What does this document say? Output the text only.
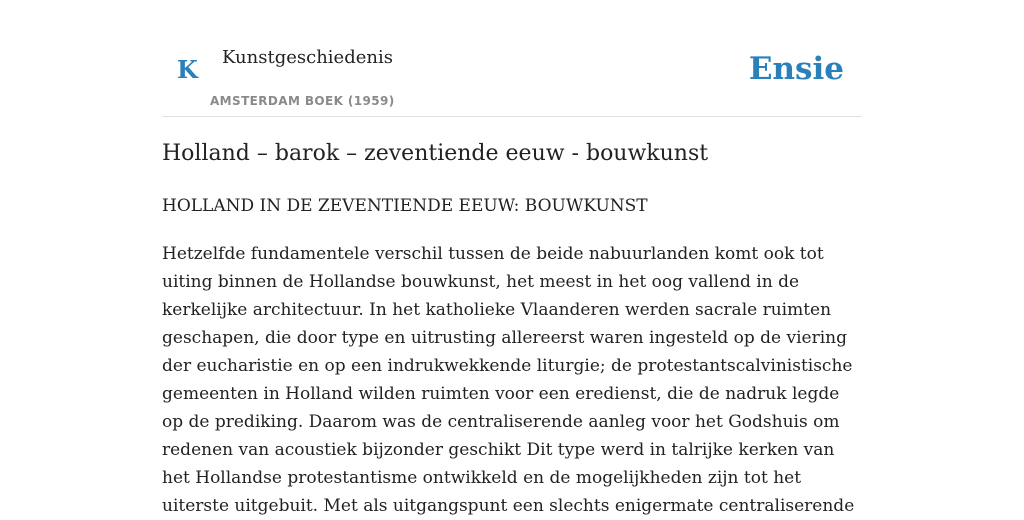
K Kunstgeschiedenis
AMSTERDAM BOEK (1959)
Ensie
Holland – barok – zeventiende eeuw - bouwkunst
HOLLAND IN DE ZEVENTIENDE EEUW: BOUWKUNST

Hetzelfde fundamentele verschil tussen de beide nabuurlanden komt ook tot uiting binnen de Hollandse bouwkunst, het meest in het oog vallend in de kerkelijke architectuur. In het katholieke Vlaanderen werden sacrale ruimten geschapen, die door type en uitrusting allereerst waren ingesteld op de viering der eucharistie en op een indrukwekkende liturgie; de protestantscalvinistische gemeenten in Holland wilden ruimten voor een eredienst, die de nadruk legde op de prediking. Daarom was de centraliserende aanleg voor het Godshuis om redenen van acoustiek bijzonder geschikt Dit type werd in talrijke kerken van het Hollandse protestantisme ontwikkeld en de mogelijkheden zijn tot het uiterste uitgebuit. Met als uitgangspunt een slechts enigermate centraliserende
